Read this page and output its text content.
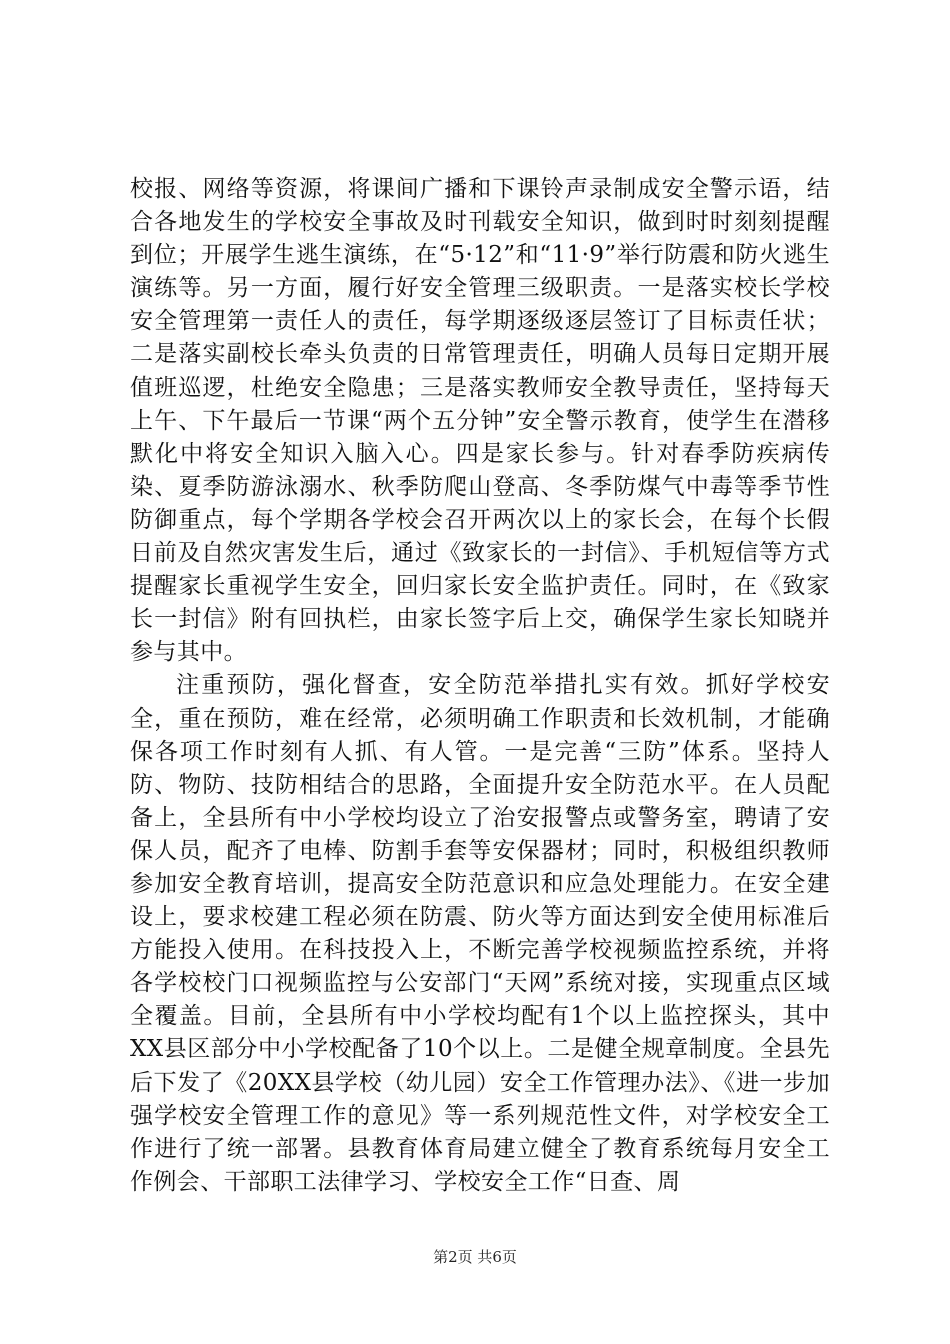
校报、网络等资源，将课间广播和下课铃声录制成安全警示语，结合各地发生的学校安全事故及时刊载安全知识，做到时时刻刻提醒到位；开展学生逃生演练，在“5·12”和“11·9”举行防震和防火逃生演练等。另一方面，履行好安全管理三级职责。一是落实校长学校安全管理第一责任人的责任，每学期逐级逐层签订了目标责任状；二是落实副校长牵头负责的日常管理责任，明确人员每日定期开展值班巡逻，杜绝安全隐患；三是落实教师安全教导责任，坚持每天上午、下午最后一节课“两个五分钟”安全警示教育，使学生在潜移默化中将安全知识入脑入心。四是家长参与。针对春季防疾病传染、夏季防游泳溺水、秋季防爬山登高、冬季防煤气中毒等季节性防御重点，每个学期各学校会召开两次以上的家长会，在每个长假日前及自然灾害发生后，通过《致家长的一封信》、手机短信等方式提醒家长重视学生安全，回归家长安全监护责任。同时，在《致家长一封信》附有回执栏，由家长签字后上交，确保学生家长知晓并参与其中。

注重预防，强化督查，安全防范举措扎实有效。抓好学校安全，重在预防，难在经常，必须明确工作职责和长效机制，才能确保各项工作时刻有人抓、有人管。一是完善“三防”体系。坚持人防、物防、技防相结合的思路，全面提升安全防范水平。在人员配备上，全县所有中小学校均设立了治安报警点或警务室，聘请了安保人员，配齐了电棒、防割手套等安保器材；同时，积极组织教师参加安全教育培训，提高安全防范意识和应急处理能力。在安全建设上，要求校建工程必须在防震、防火等方面达到安全使用标准后方能投入使用。在科技投入上，不断完善学校视频监控系统，并将各学校校门口视频监控与公安部门“天网”系统对接，实现重点区域全覆盖。目前，全县所有中小学校均配有1个以上监控探头，其中XX县区部分中小学校配备了10个以上。二是健全规章制度。全县先后下发了《20XX县学校（幼儿园）安全工作管理办法》、《进一步加强学校安全管理工作的意见》等一系列规范性文件，对学校安全工作进行了统一部署。县教育体育局建立健全了教育系统每月安全工作例会、干部职工法律学习、学校安全工作“日查、周

第2页 共6页
